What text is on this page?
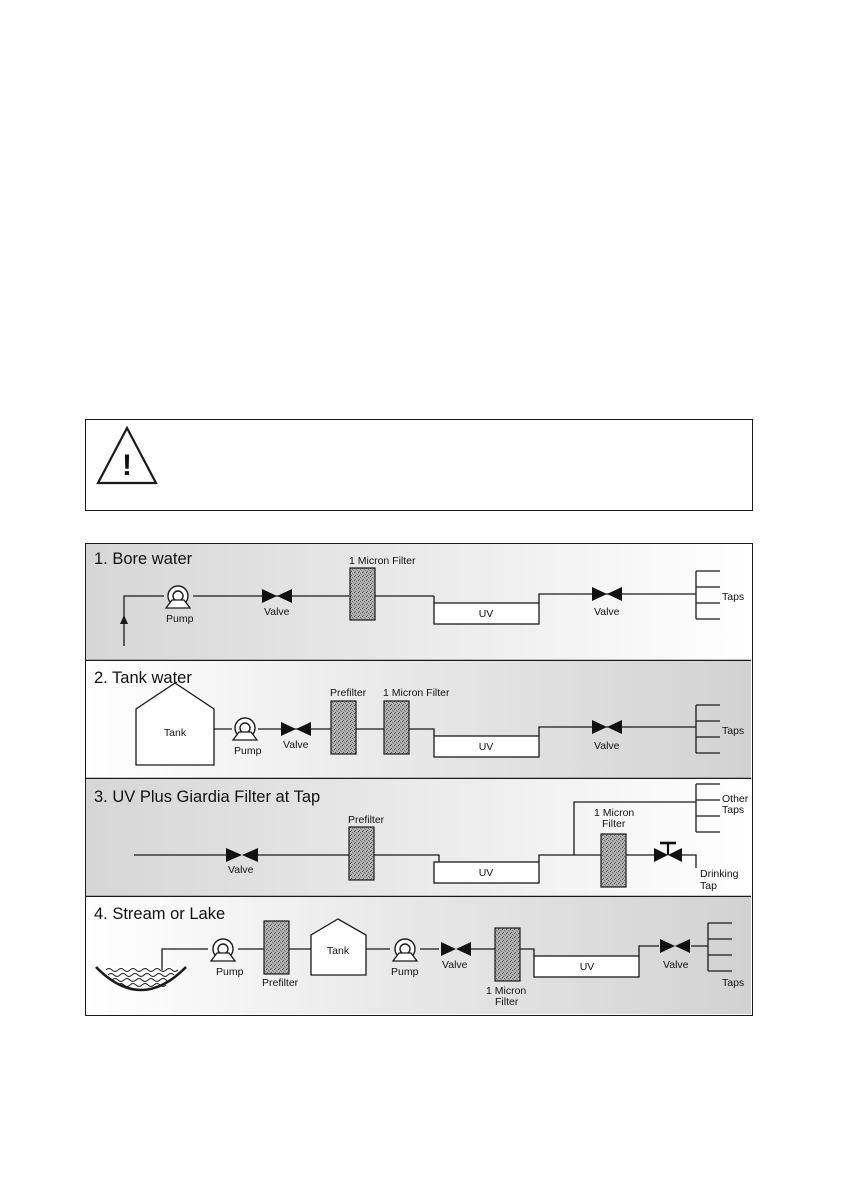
!
1. Bore water
Pump
Valve
1 Micron Filter
UV	Valve
Taps
2. Tank water
Tank
Pump Valve
Prefilter 1 Micron Filter
UV	Valve
Taps
3. UV Plus Giardia Filter at Tap
Valve
Prefilter
UV
1 Micron
Filter
Drinking
Tap
Other
Taps
4. Stream or Lake
Pump
Prefilter
Tank
Pump
Valve
1 Micron
Filter
UV	Valve
Taps
